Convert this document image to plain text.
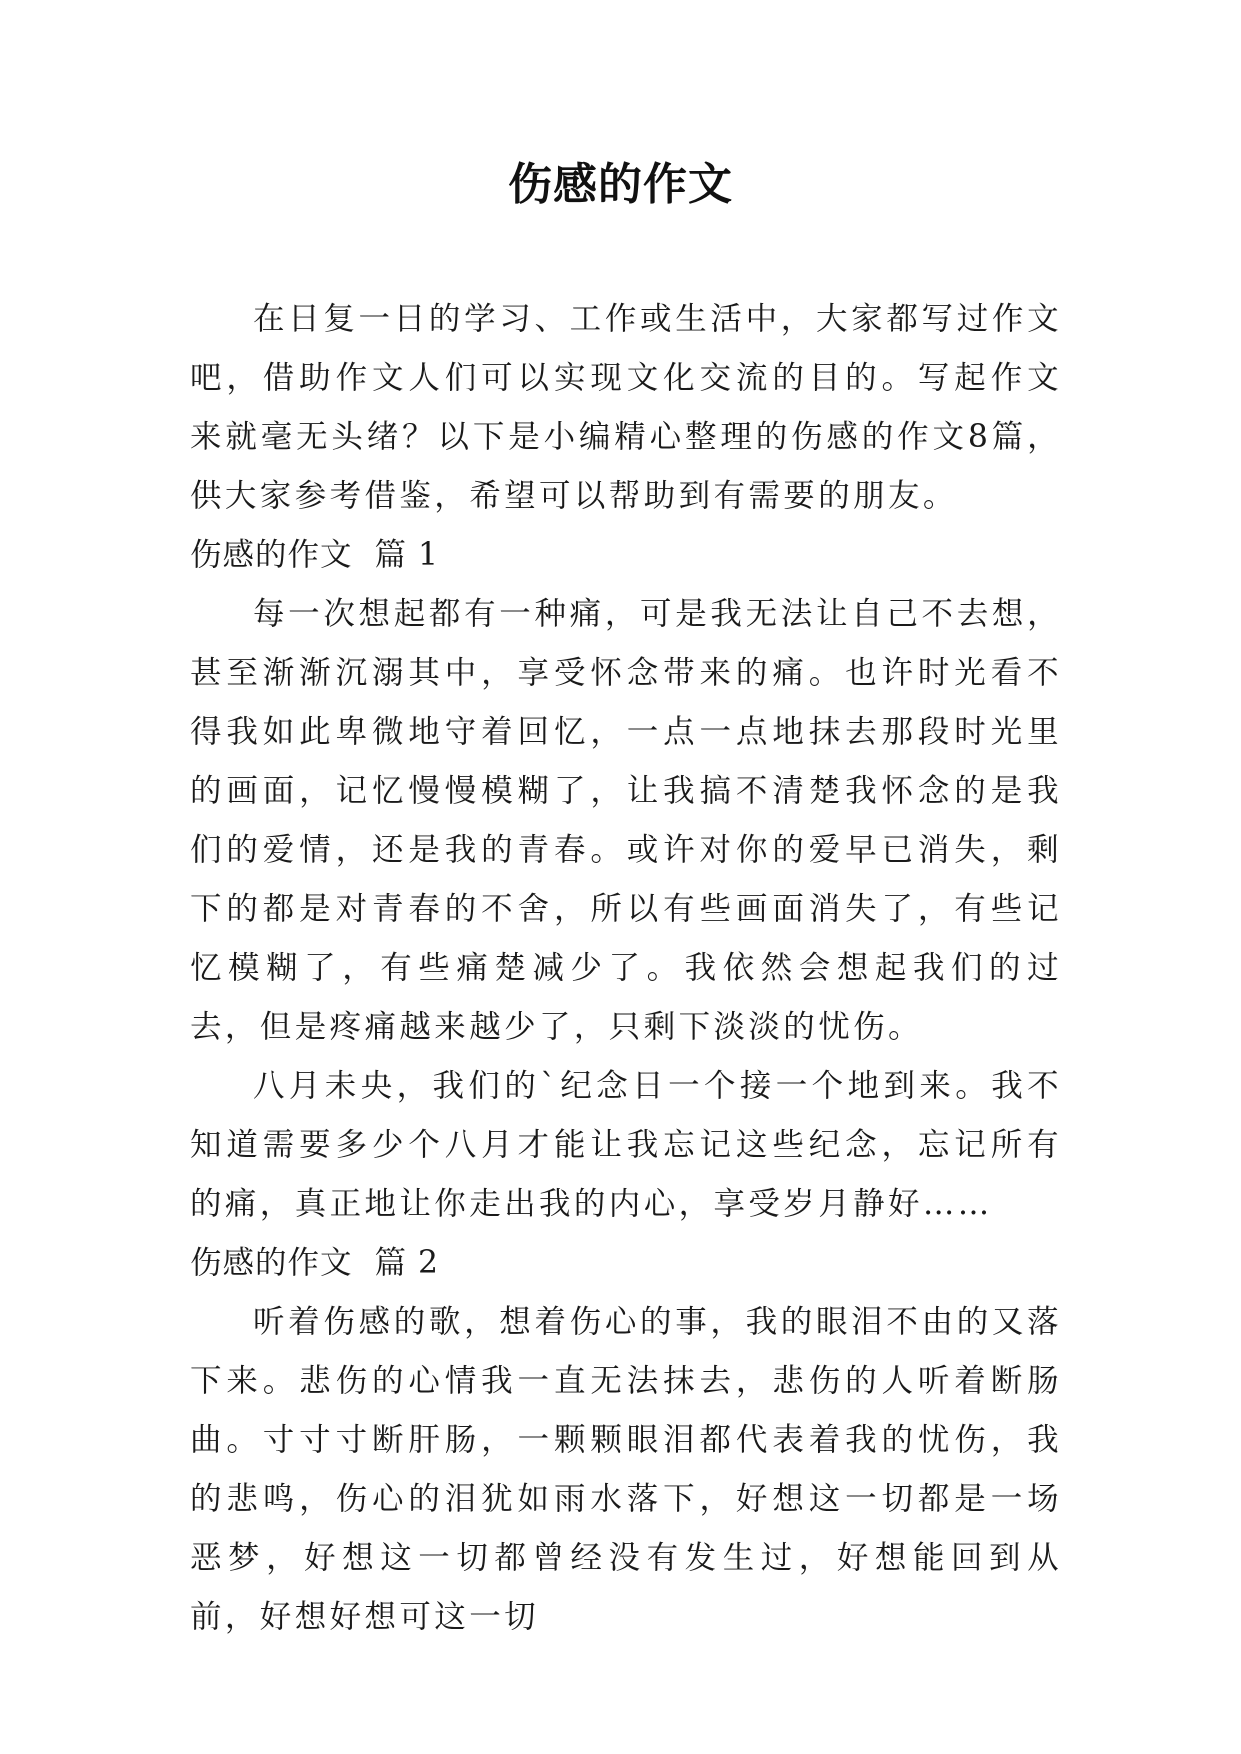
伤感的作文

在日复一日的学习、工作或生活中，大家都写过作文吧，借助作文人们可以实现文化交流的目的。写起作文来就毫无头绪？以下是小编精心整理的伤感的作文8篇，供大家参考借鉴，希望可以帮助到有需要的朋友。

伤感的作文  篇 1

每一次想起都有一种痛，可是我无法让自己不去想，甚至渐渐沉溺其中，享受怀念带来的痛。也许时光看不得我如此卑微地守着回忆，一点一点地抹去那段时光里的画面，记忆慢慢模糊了，让我搞不清楚我怀念的是我们的爱情，还是我的青春。或许对你的爱早已消失，剩下的都是对青春的不舍，所以有些画面消失了，有些记忆模糊了，有些痛楚减少了。我依然会想起我们的过去，但是疼痛越来越少了，只剩下淡淡的忧伤。

八月未央，我们的`纪念日一个接一个地到来。我不知道需要多少个八月才能让我忘记这些纪念，忘记所有的痛，真正地让你走出我的内心，享受岁月静好……

伤感的作文  篇 2

听着伤感的歌，想着伤心的事，我的眼泪不由的又落下来。悲伤的心情我一直无法抹去，悲伤的人听着断肠曲。寸寸寸断肝肠，一颗颗眼泪都代表着我的忧伤，我的悲鸣，伤心的泪犹如雨水落下，好想这一切都是一场恶梦，好想这一切都曾经没有发生过，好想能回到从前，好想好想可这一切
